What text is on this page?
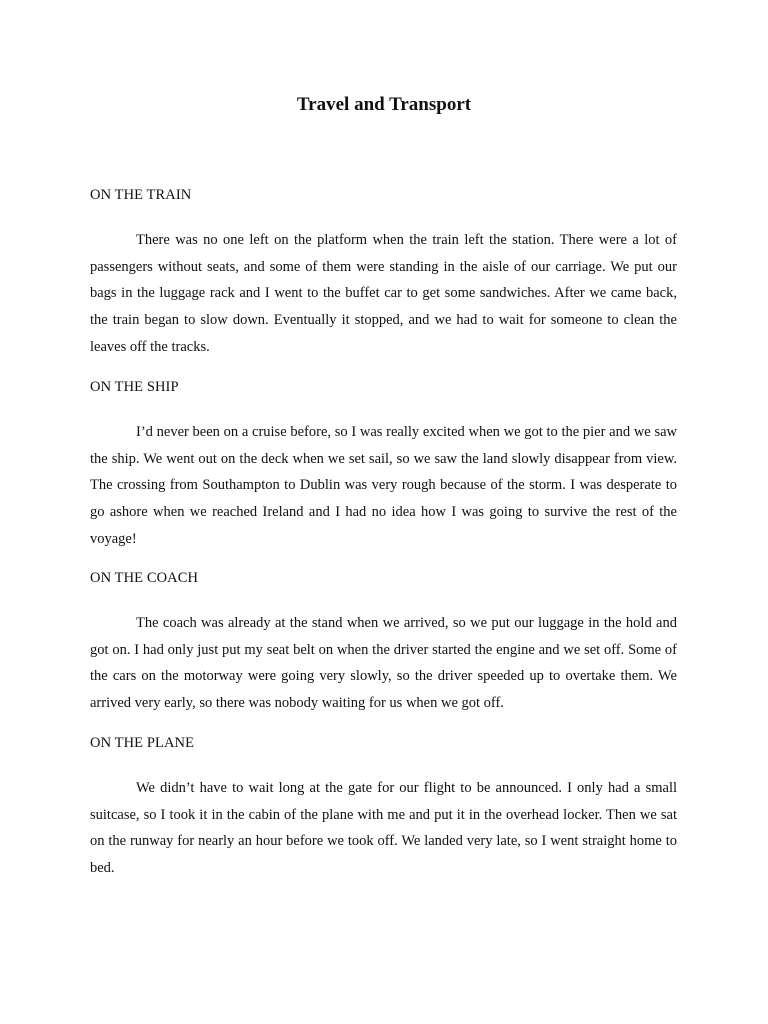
Travel and Transport

ON THE TRAIN

There was no one left on the platform when the train left the station. There were a lot of passengers without seats, and some of them were standing in the aisle of our carriage. We put our bags in the luggage rack and I went to the buffet car to get some sandwiches. After we came back, the train began to slow down. Eventually it stopped, and we had to wait for someone to clean the leaves off the tracks.

ON THE SHIP

I’d never been on a cruise before, so I was really excited when we got to the pier and we saw the ship. We went out on the deck when we set sail, so we saw the land slowly disappear from view. The crossing from Southampton to Dublin was very rough because of the storm. I was desperate to go ashore when we reached Ireland and I had no idea how I was going to survive the rest of the voyage!

ON THE COACH

The coach was already at the stand when we arrived, so we put our luggage in the hold and got on. I had only just put my seat belt on when the driver started the engine and we set off. Some of the cars on the motorway were going very slowly, so the driver speeded up to overtake them. We arrived very early, so there was nobody waiting for us when we got off.

ON THE PLANE

We didn’t have to wait long at the gate for our flight to be announced. I only had a small suitcase, so I took it in the cabin of the plane with me and put it in the overhead locker. Then we sat on the runway for nearly an hour before we took off. We landed very late, so I went straight home to bed.
